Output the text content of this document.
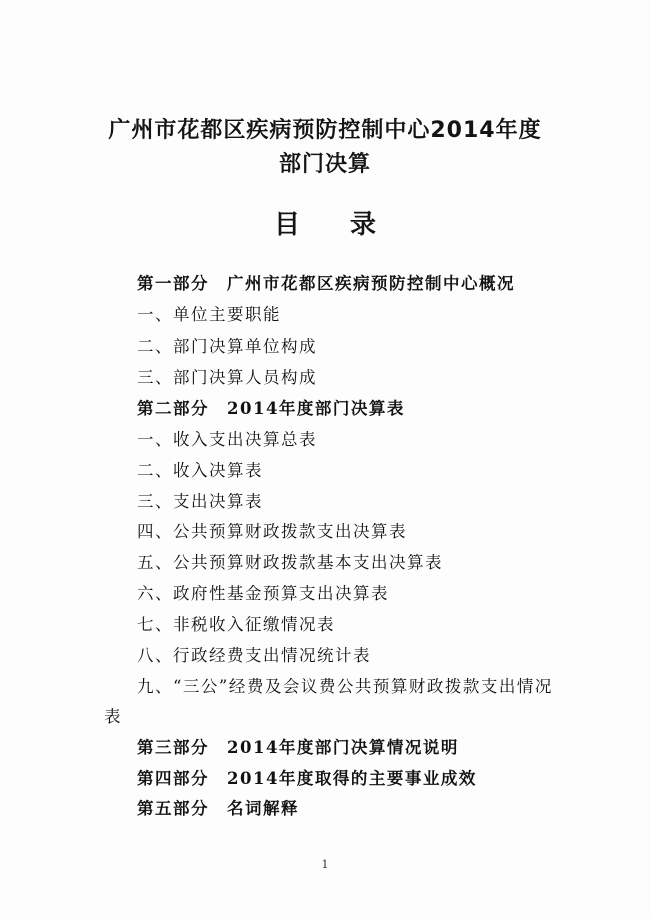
广州市花都区疾病预防控制中心2014年度
部门决算
目 录
第一部分 广州市花都区疾病预防控制中心概况
一、单位主要职能
二、部门决算单位构成
三、部门决算人员构成
第二部分 2014年度部门决算表
一、收入支出决算总表
二、收入决算表
三、支出决算表
四、公共预算财政拨款支出决算表
五、公共预算财政拨款基本支出决算表
六、政府性基金预算支出决算表
七、非税收入征缴情况表
八、行政经费支出情况统计表
九、“三公”经费及会议费公共预算财政拨款支出情况
表
第三部分 2014年度部门决算情况说明
第四部分 2014年度取得的主要事业成效
第五部分 名词解释
1
